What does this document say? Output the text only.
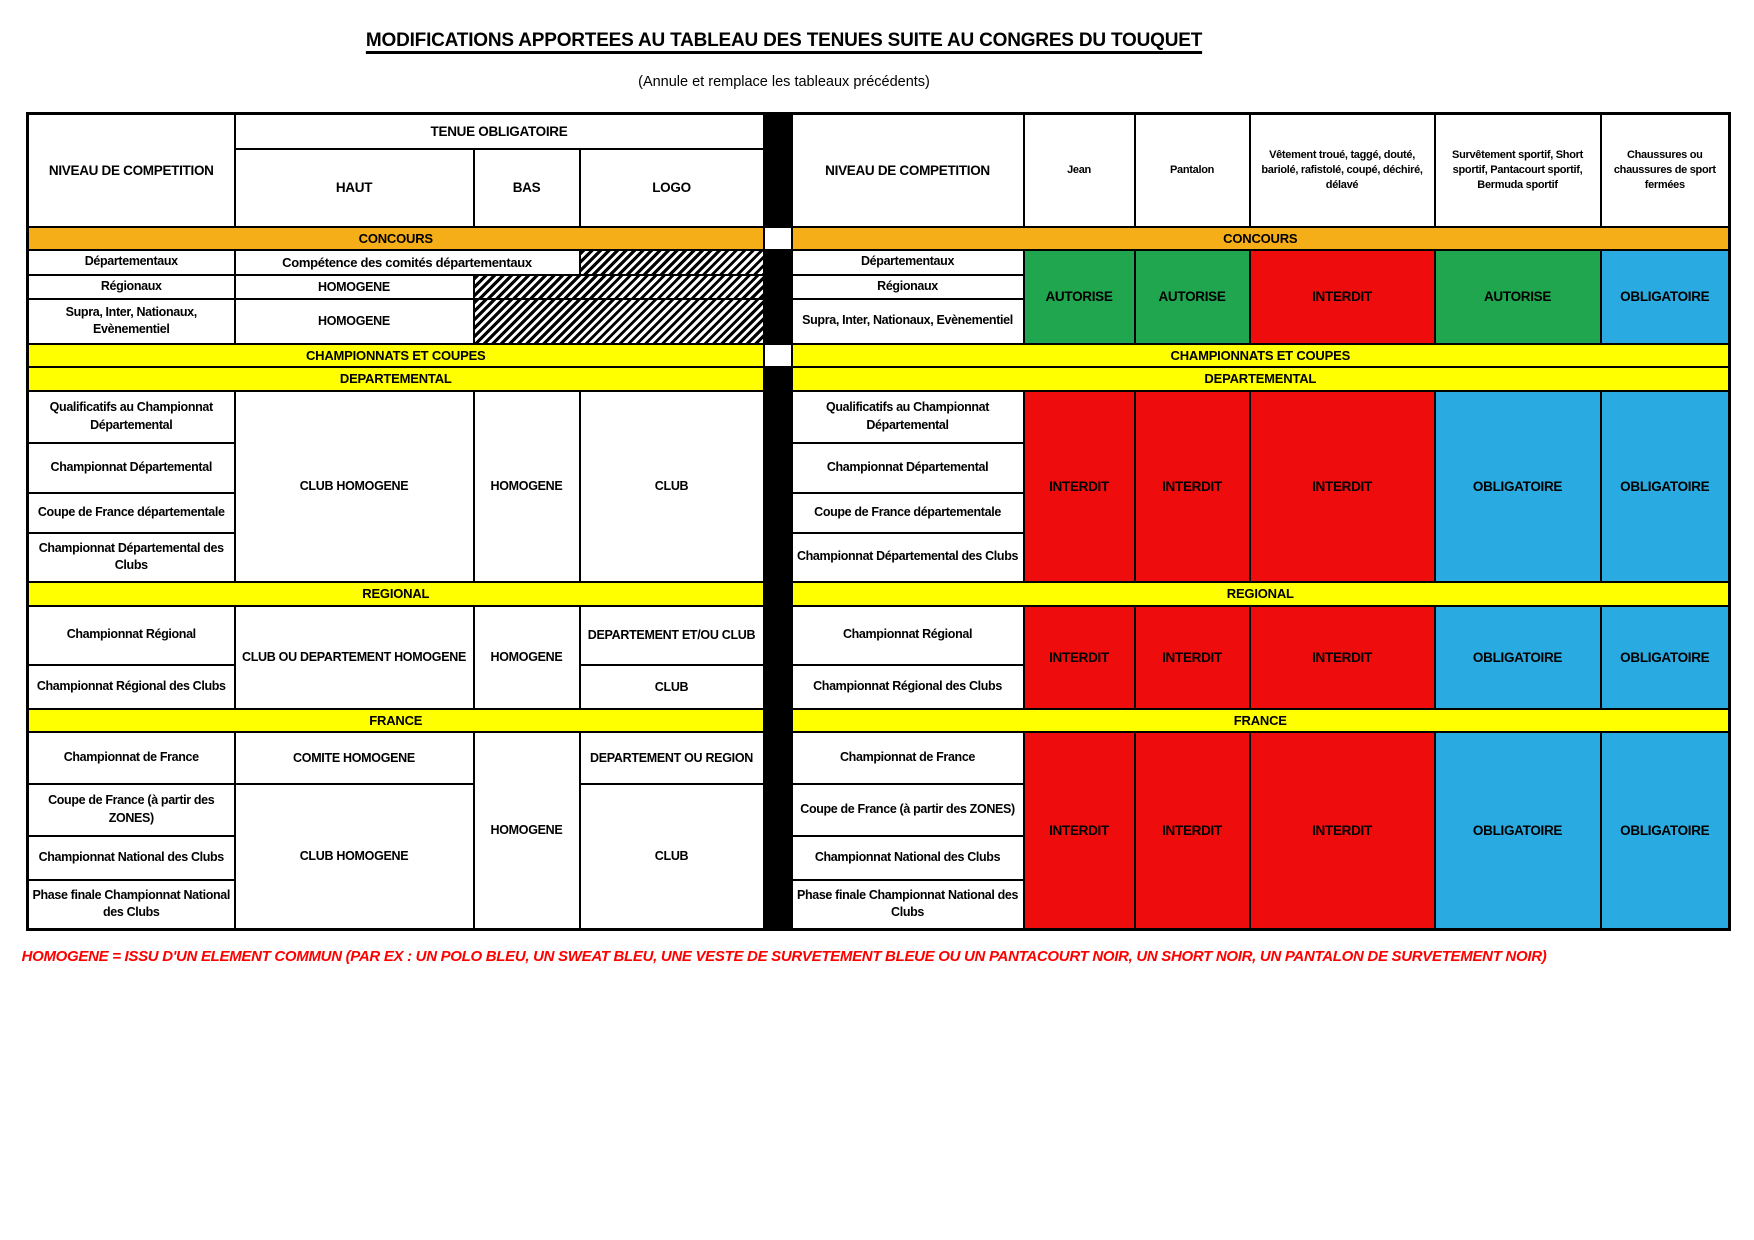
MODIFICATIONS APPORTEES AU TABLEAU DES TENUES SUITE AU CONGRES DU TOUQUET
(Annule et remplace les tableaux précédents)
NIVEAU DE COMPETITION	TENUE OBLIGATOIRE				NIVEAU DE COMPETITION	Jean	Pantalon	Vêtement troué, taggé, douté, bariolé, rafistolé, coupé, déchiré, délavé	Survêtement sportif, Short sportif, Pantacourt sportif, Bermuda sportif	Chaussures ou chaussures de sport fermées
	HAUT	BAS	LOGO							
CONCOURS					CONCOURS					
Départementaux	Compétence des comités départementaux				Départementaux	AUTORISE	AUTORISE	INTERDIT	AUTORISE	OBLIGATOIRE
Régionaux	HOMOGENE				Régionaux					
Supra, Inter, Nationaux, Evènementiel	HOMOGENE				Supra, Inter, Nationaux, Evènementiel					
CHAMPIONNATS ET COUPES					CHAMPIONNATS ET COUPES					
DEPARTEMENTAL					DEPARTEMENTAL					
Qualificatifs au Championnat Départemental	CLUB HOMOGENE	HOMOGENE	CLUB		Qualificatifs au Championnat Départemental	INTERDIT	INTERDIT	INTERDIT	OBLIGATOIRE	OBLIGATOIRE
Championnat Départemental					Championnat Départemental					
Coupe de France départementale					Coupe de France départementale					
Championnat Départemental des Clubs					Championnat Départemental des Clubs					
REGIONAL					REGIONAL					
Championnat Régional	CLUB OU DEPARTEMENT HOMOGENE	HOMOGENE	DEPARTEMENT ET/OU CLUB		Championnat Régional	INTERDIT	INTERDIT	INTERDIT	OBLIGATOIRE	OBLIGATOIRE
Championnat Régional des Clubs			CLUB		Championnat Régional des Clubs					
FRANCE					FRANCE					
Championnat de France	COMITE HOMOGENE	HOMOGENE	DEPARTEMENT OU REGION		Championnat de France	INTERDIT	INTERDIT	INTERDIT	OBLIGATOIRE	OBLIGATOIRE
Coupe de France (à partir des ZONES)	CLUB HOMOGENE		CLUB		Coupe de France (à partir des ZONES)					
Championnat National des Clubs					Championnat National des Clubs					
Phase finale Championnat National des Clubs					Phase finale Championnat National des Clubs					
HOMOGENE = ISSU D'UN ELEMENT COMMUN (PAR EX : UN POLO BLEU, UN SWEAT BLEU, UNE VESTE DE SURVETEMENT BLEUE OU UN PANTACOURT NOIR, UN SHORT NOIR, UN PANTALON DE SURVETEMENT NOIR)
